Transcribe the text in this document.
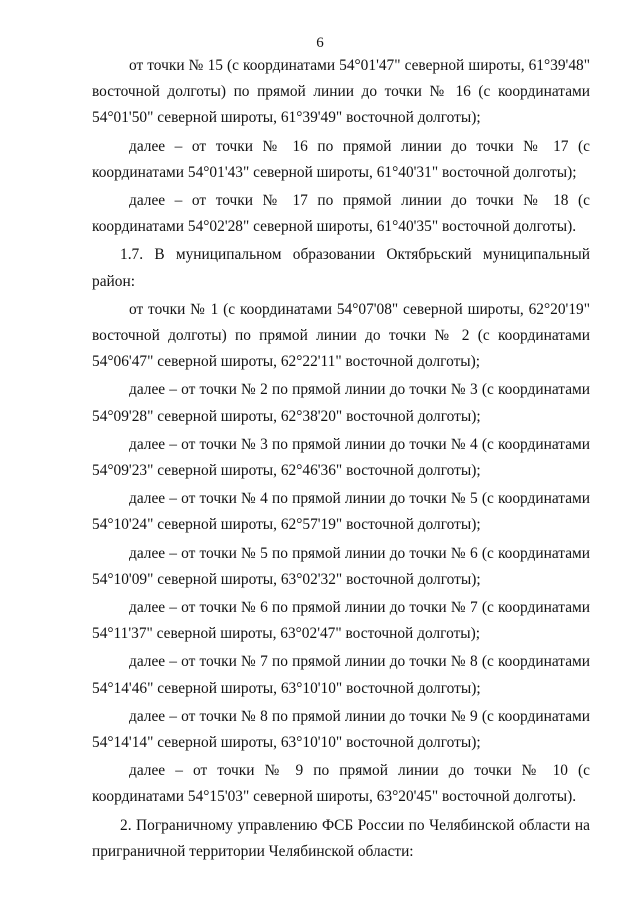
6

от точки № 15 (с координатами 54°01'47" северной широты, 61°39'48" восточной долготы) по прямой линии до точки № 16 (с координатами 54°01'50" северной широты, 61°39'49" восточной долготы);

далее – от точки № 16 по прямой линии до точки № 17 (с координатами 54°01'43" северной широты, 61°40'31" восточной долготы);

далее – от точки № 17 по прямой линии до точки № 18 (с координатами 54°02'28" северной широты, 61°40'35" восточной долготы).

1.7. В муниципальном образовании Октябрьский муниципальный район:

от точки № 1 (с координатами 54°07'08" северной широты, 62°20'19" восточной долготы) по прямой линии до точки № 2 (с координатами 54°06'47" северной широты, 62°22'11" восточной долготы);

далее – от точки № 2 по прямой линии до точки № 3 (с координатами 54°09'28" северной широты, 62°38'20" восточной долготы);

далее – от точки № 3 по прямой линии до точки № 4 (с координатами 54°09'23" северной широты, 62°46'36" восточной долготы);

далее – от точки № 4 по прямой линии до точки № 5 (с координатами 54°10'24" северной широты, 62°57'19" восточной долготы);

далее – от точки № 5 по прямой линии до точки № 6 (с координатами 54°10'09" северной широты, 63°02'32" восточной долготы);

далее – от точки № 6 по прямой линии до точки № 7 (с координатами 54°11'37" северной широты, 63°02'47" восточной долготы);

далее – от точки № 7 по прямой линии до точки № 8 (с координатами 54°14'46" северной широты, 63°10'10" восточной долготы);

далее – от точки № 8 по прямой линии до точки № 9 (с координатами 54°14'14" северной широты, 63°10'10" восточной долготы);

далее – от точки № 9 по прямой линии до точки № 10 (с координатами 54°15'03" северной широты, 63°20'45" восточной долготы).

2. Пограничному управлению ФСБ России по Челябинской области на приграничной территории Челябинской области:
